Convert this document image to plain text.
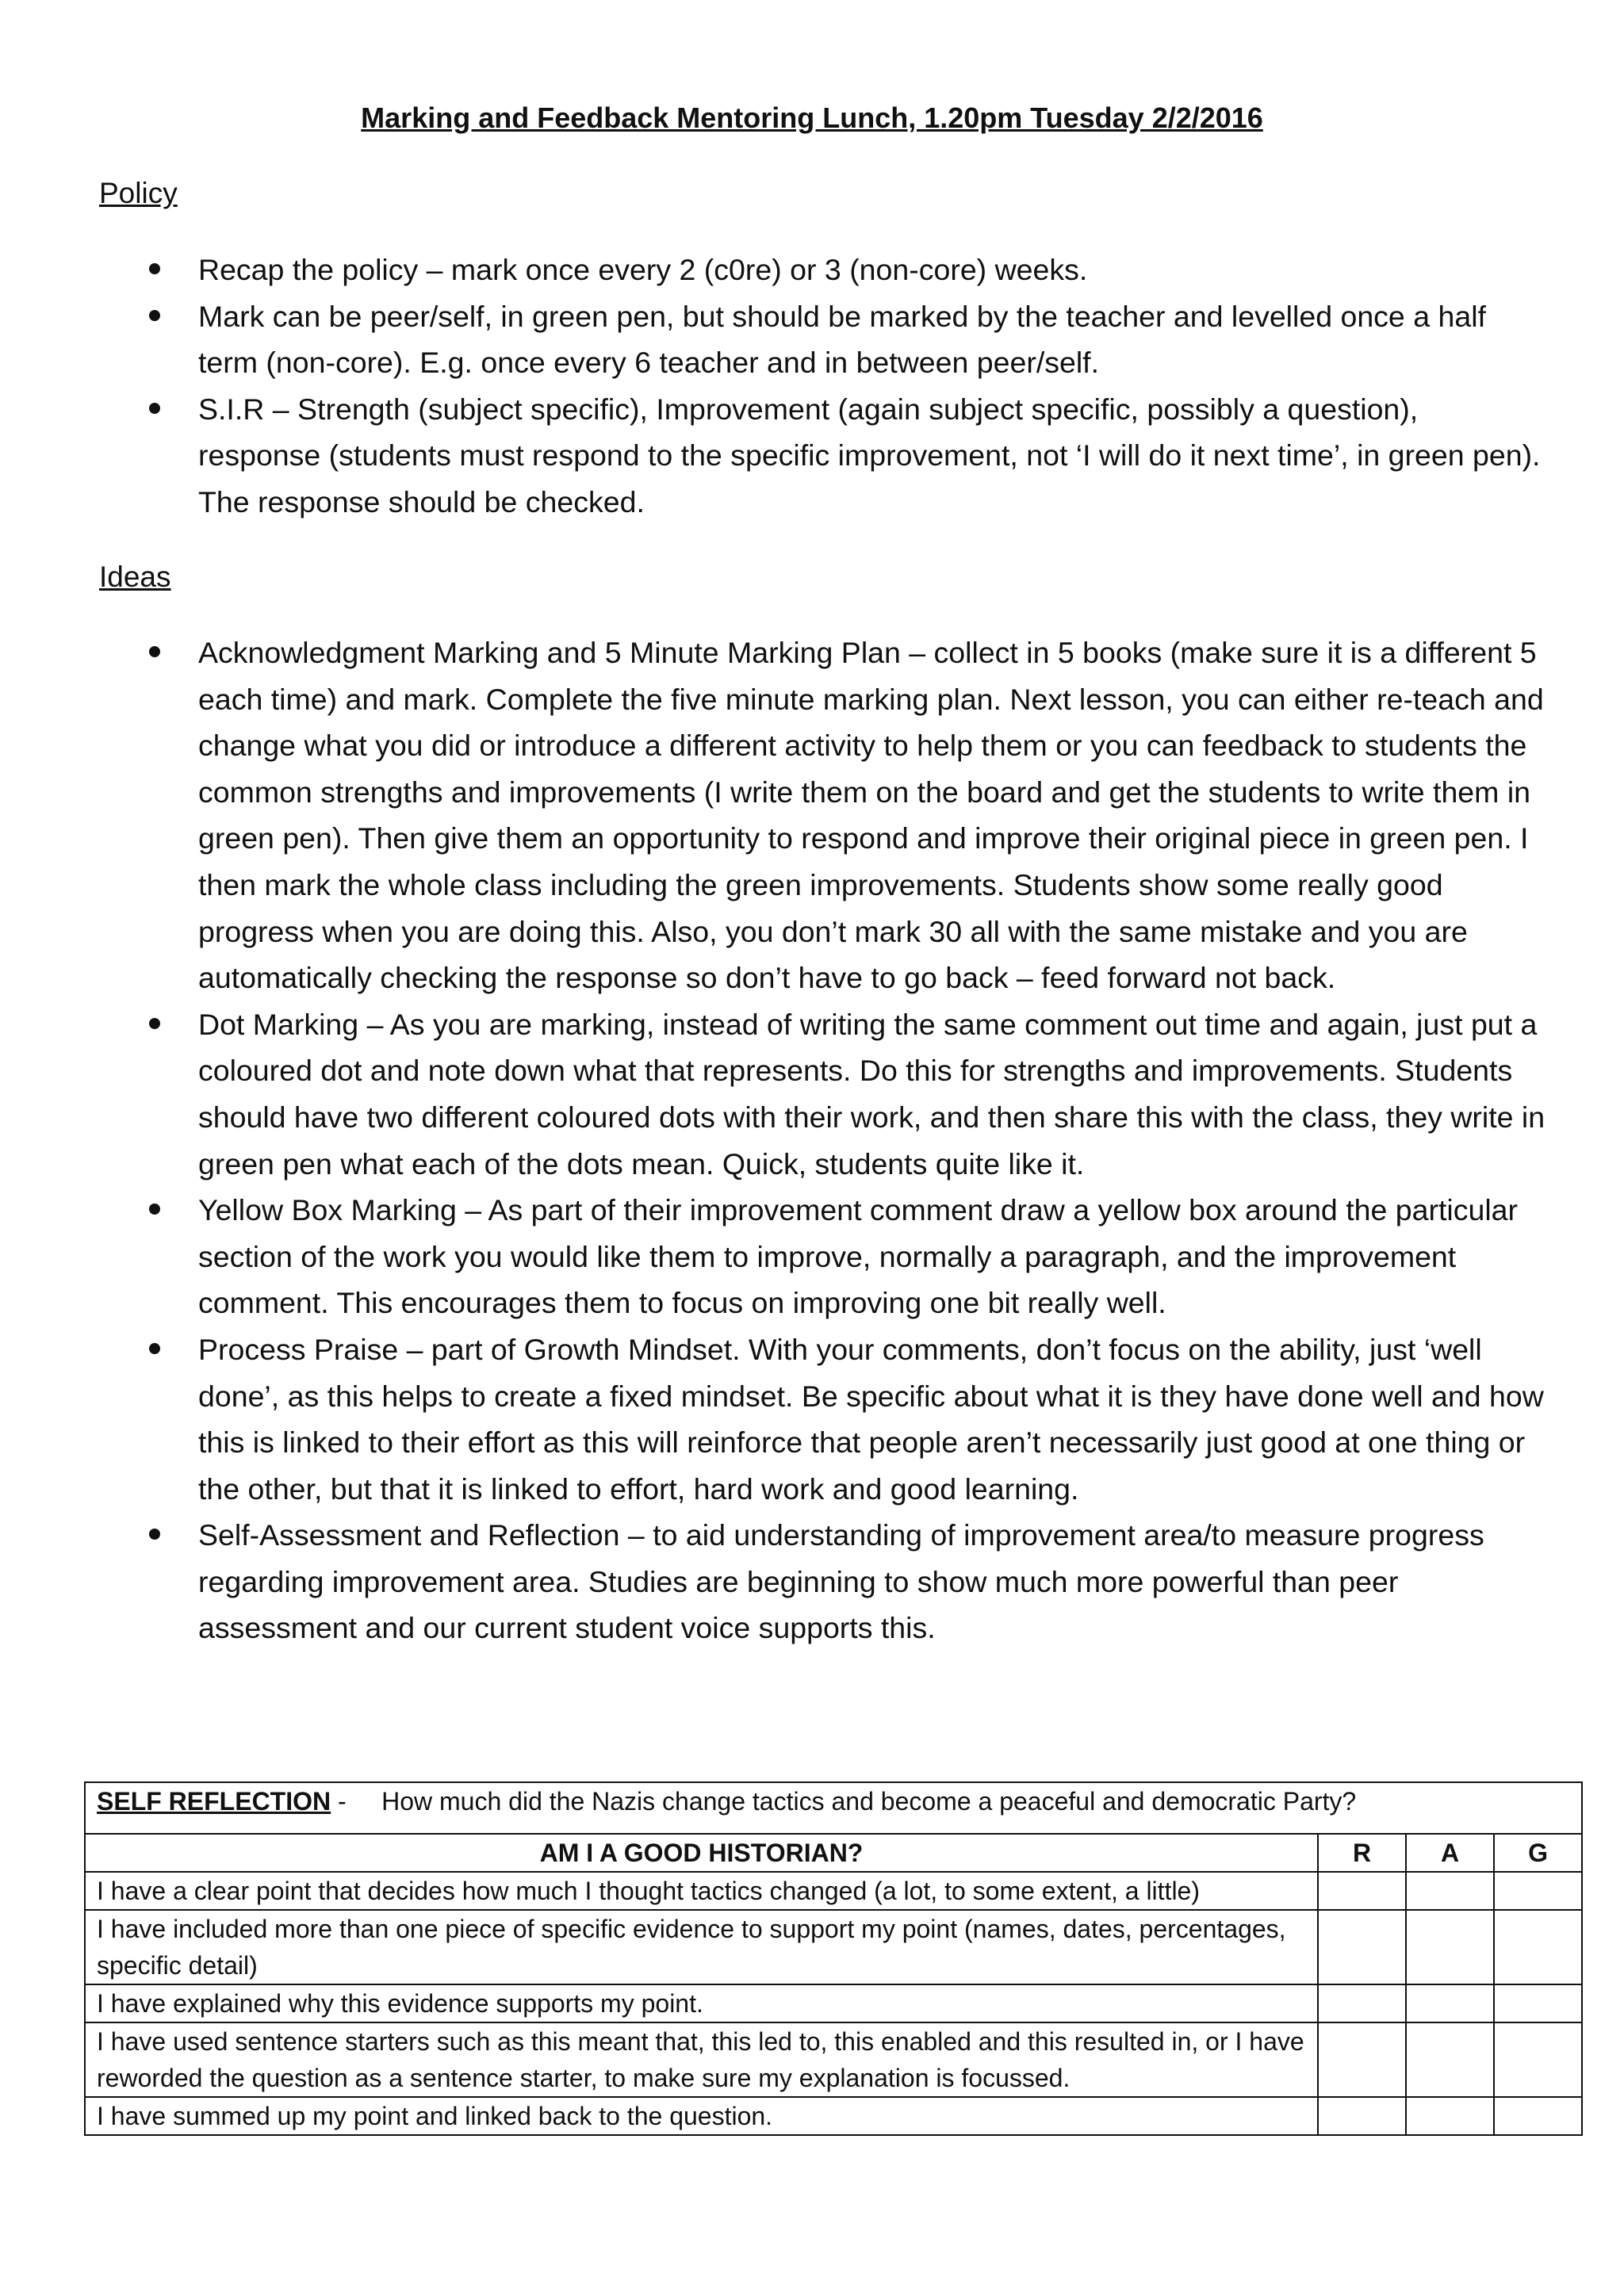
Marking and Feedback Mentoring Lunch, 1.20pm Tuesday 2/2/2016
Policy
Recap the policy – mark once every 2 (c0re) or 3 (non-core) weeks.
Mark can be peer/self, in green pen, but should be marked by the teacher and levelled once a half term (non-core). E.g. once every 6 teacher and in between peer/self.
S.I.R – Strength (subject specific), Improvement (again subject specific, possibly a question), response (students must respond to the specific improvement, not ‘I will do it next time’, in green pen). The response should be checked.
Ideas
Acknowledgment Marking and 5 Minute Marking Plan – collect in 5 books (make sure it is a different 5 each time) and mark. Complete the five minute marking plan. Next lesson, you can either re-teach and change what you did or introduce a different activity to help them or you can feedback to students the common strengths and improvements (I write them on the board and get the students to write them in green pen). Then give them an opportunity to respond and improve their original piece in green pen. I then mark the whole class including the green improvements. Students show some really good progress when you are doing this. Also, you don’t mark 30 all with the same mistake and you are automatically checking the response so don’t have to go back – feed forward not back.
Dot Marking – As you are marking, instead of writing the same comment out time and again, just put a coloured dot and note down what that represents. Do this for strengths and improvements. Students should have two different coloured dots with their work, and then share this with the class, they write in green pen what each of the dots mean. Quick, students quite like it.
Yellow Box Marking – As part of their improvement comment draw a yellow box around the particular section of the work you would like them to improve, normally a paragraph, and the improvement comment. This encourages them to focus on improving one bit really well.
Process Praise – part of Growth Mindset. With your comments, don’t focus on the ability, just ‘well done’, as this helps to create a fixed mindset. Be specific about what it is they have done well and how this is linked to their effort as this will reinforce that people aren’t necessarily just good at one thing or the other, but that it is linked to effort, hard work and good learning.
Self-Assessment and Reflection – to aid understanding of improvement area/to measure progress regarding improvement area. Studies are beginning to show much more powerful than peer assessment and our current student voice supports this.
SELF REFLECTION -     How much did the Nazis change tactics and become a peaceful and democratic Party?			
AM I A GOOD HISTORIAN?	R	A	G
I have a clear point that decides how much I thought tactics changed (a lot, to some extent, a little)			
I have included more than one piece of specific evidence to support my point (names, dates, percentages, specific detail)			
I have explained why this evidence supports my point.			
I have used sentence starters such as this meant that, this led to, this enabled and this resulted in, or I have reworded the question as a sentence starter, to make sure my explanation is focussed.			
I have summed up my point and linked back to the question.			
